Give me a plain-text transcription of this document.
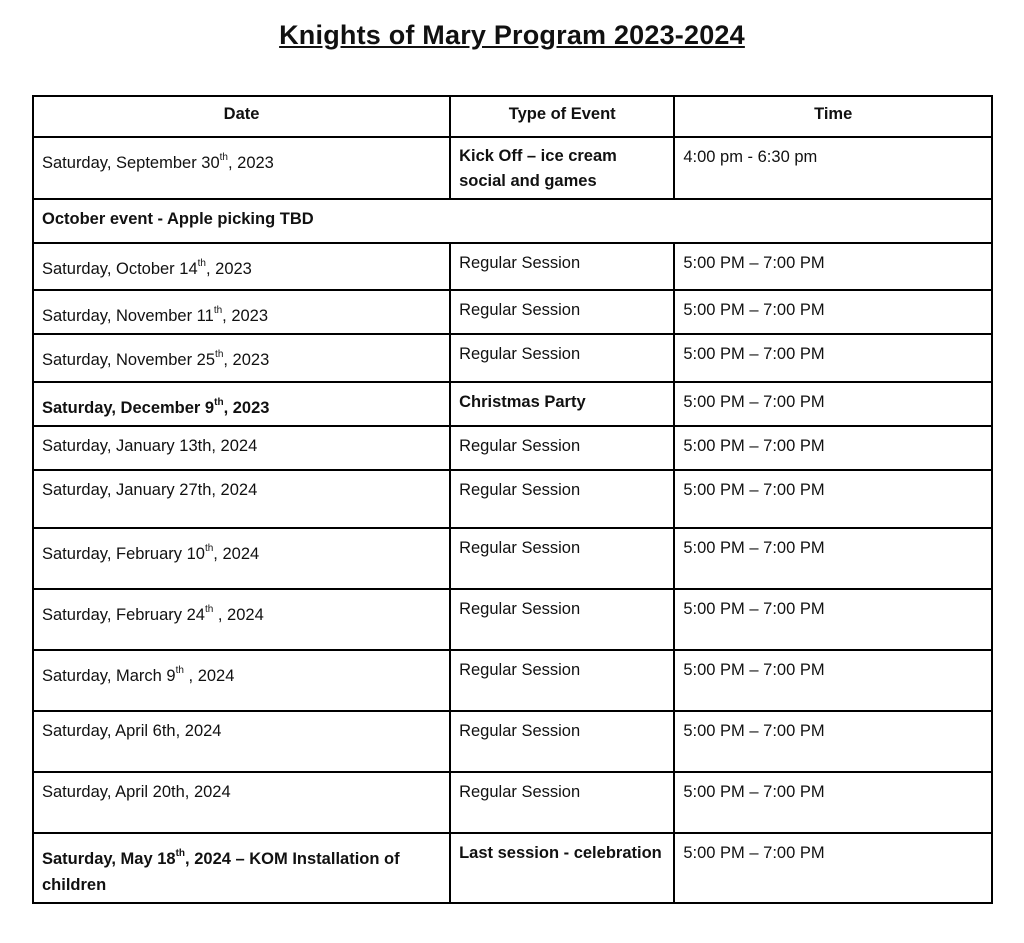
Knights of Mary Program 2023-2024
Date	Type of Event	Time
Saturday, September 30th, 2023	Kick Off – ice cream social and games	4:00 pm - 6:30 pm
October event - Apple picking TBD		
Saturday, October 14th, 2023	Regular Session	5:00 PM – 7:00 PM
Saturday, November 11th, 2023	Regular Session	5:00 PM – 7:00 PM
Saturday, November 25th, 2023	Regular Session	5:00 PM – 7:00 PM
Saturday, December 9th, 2023	Christmas Party	5:00 PM – 7:00 PM
Saturday, January 13th, 2024	Regular Session	5:00 PM – 7:00 PM
Saturday, January 27th, 2024	Regular Session	5:00 PM – 7:00 PM
Saturday, February 10th, 2024	Regular Session	5:00 PM – 7:00 PM
Saturday, February 24th , 2024	Regular Session	5:00 PM – 7:00 PM
Saturday, March 9th , 2024	Regular Session	5:00 PM – 7:00 PM
Saturday, April 6th, 2024	Regular Session	5:00 PM – 7:00 PM
Saturday, April 20th, 2024	Regular Session	5:00 PM – 7:00 PM
Saturday, May 18th, 2024 – KOM Installation of children	Last session - celebration	5:00 PM – 7:00 PM
